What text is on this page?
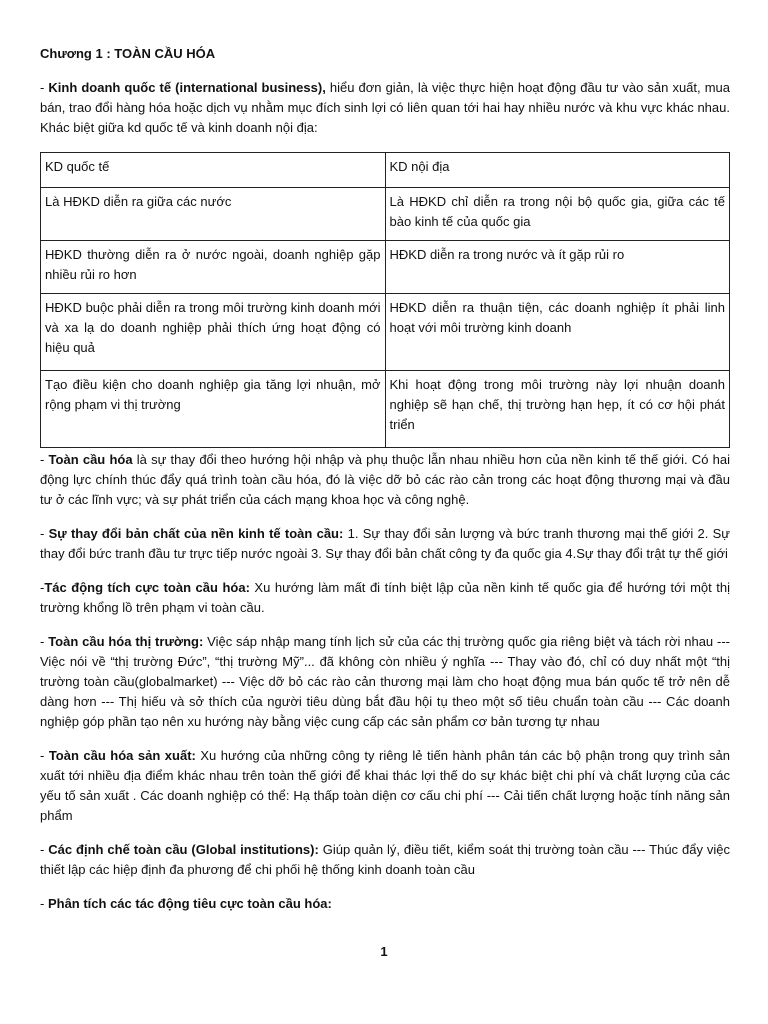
Chương 1 : TOÀN CẦU HÓA

- Kinh doanh quốc tế (international business), hiểu đơn giản, là việc thực hiện hoạt động đầu tư vào sản xuất, mua bán, trao đổi hàng hóa hoặc dịch vụ nhằm mục đích sinh lợi có liên quan tới hai hay nhiều nước và khu vực khác nhau. Khác biệt giữa kd quốc tế và kinh doanh nội địa:

KD quốc tế	KD nội địa
Là HĐKD diễn ra giữa các nước	Là HĐKD chỉ diễn ra trong nội bộ quốc gia, giữa các tế bào kinh tế của quốc gia
HĐKD thường diễn ra ở nước ngoài, doanh nghiệp gặp nhiều rủi ro hơn	HĐKD diễn ra trong nước và ít gặp rủi ro
HĐKD buộc phải diễn ra trong môi trường kinh doanh mới và xa lạ do doanh nghiệp phải thích ứng hoạt động có hiệu quả	HĐKD diễn ra thuận tiện, các doanh nghiệp ít phải linh hoạt với môi trường kinh doanh
Tạo điều kiện cho doanh nghiệp gia tăng lợi nhuận, mở rộng phạm vi thị trường	Khi hoạt động trong môi trường này lợi nhuận doanh nghiệp sẽ hạn chế, thị trường hạn hẹp, ít có cơ hội phát triển

- Toàn cầu hóa là sự thay đổi theo hướng hội nhập và phụ thuộc lẫn nhau nhiều hơn của nền kinh tế thế giới. Có hai động lực chính thúc đẩy quá trình toàn cầu hóa, đó là việc dỡ bỏ các rào cản trong các hoạt động thương mại và đầu tư ở các lĩnh vực; và sự phát triển của cách mạng khoa học và công nghệ.

- Sự thay đổi bản chất của nền kinh tế toàn cầu: 1. Sự thay đổi sản lượng và bức tranh thương mại thế giới 2. Sự thay đổi bức tranh đầu tư trực tiếp nước ngoài 3. Sự thay đổi bản chất công ty đa quốc gia 4.Sự thay đổi trật tự thế giới

-Tác động tích cực toàn cầu hóa: Xu hướng làm mất đi tính biệt lập của nền kinh tế quốc gia để hướng tới một thị trường khổng lồ trên phạm vi toàn cầu.

- Toàn cầu hóa thị trường: Việc sáp nhập mang tính lịch sử của các thị trường quốc gia riêng biệt và tách rời nhau --- Việc nói về “thị trường Đức”, “thị trường Mỹ”... đã không còn nhiều ý nghĩa --- Thay vào đó, chỉ có duy nhất một “thị trường toàn cầu(globalmarket) --- Việc dỡ bỏ các rào cản thương mại làm cho hoạt động mua bán quốc tế trở nên dễ dàng hơn --- Thị hiếu và sở thích của người tiêu dùng bắt đầu hội tụ theo một số tiêu chuẩn toàn cầu --- Các doanh nghiệp góp phần tạo nên xu hướng này bằng việc cung cấp các sản phẩm cơ bản tương tự nhau

- Toàn cầu hóa sản xuất: Xu hướng của những công ty riêng lẻ tiến hành phân tán các bộ phận trong quy trình sản xuất tới nhiều địa điểm khác nhau trên toàn thế giới để khai thác lợi thế do sự khác biệt chi phí và chất lượng của các yếu tố sản xuất . Các doanh nghiệp có thể: Hạ thấp toàn diện cơ cấu chi phí --- Cải tiến chất lượng hoặc tính năng sản phẩm

- Các định chế toàn cầu (Global institutions): Giúp quản lý, điều tiết, kiểm soát thị trường toàn cầu --- Thúc đẩy việc thiết lập các hiệp định đa phương để chi phối hệ thống kinh doanh toàn cầu

- Phân tích các tác động tiêu cực toàn cầu hóa:

1
